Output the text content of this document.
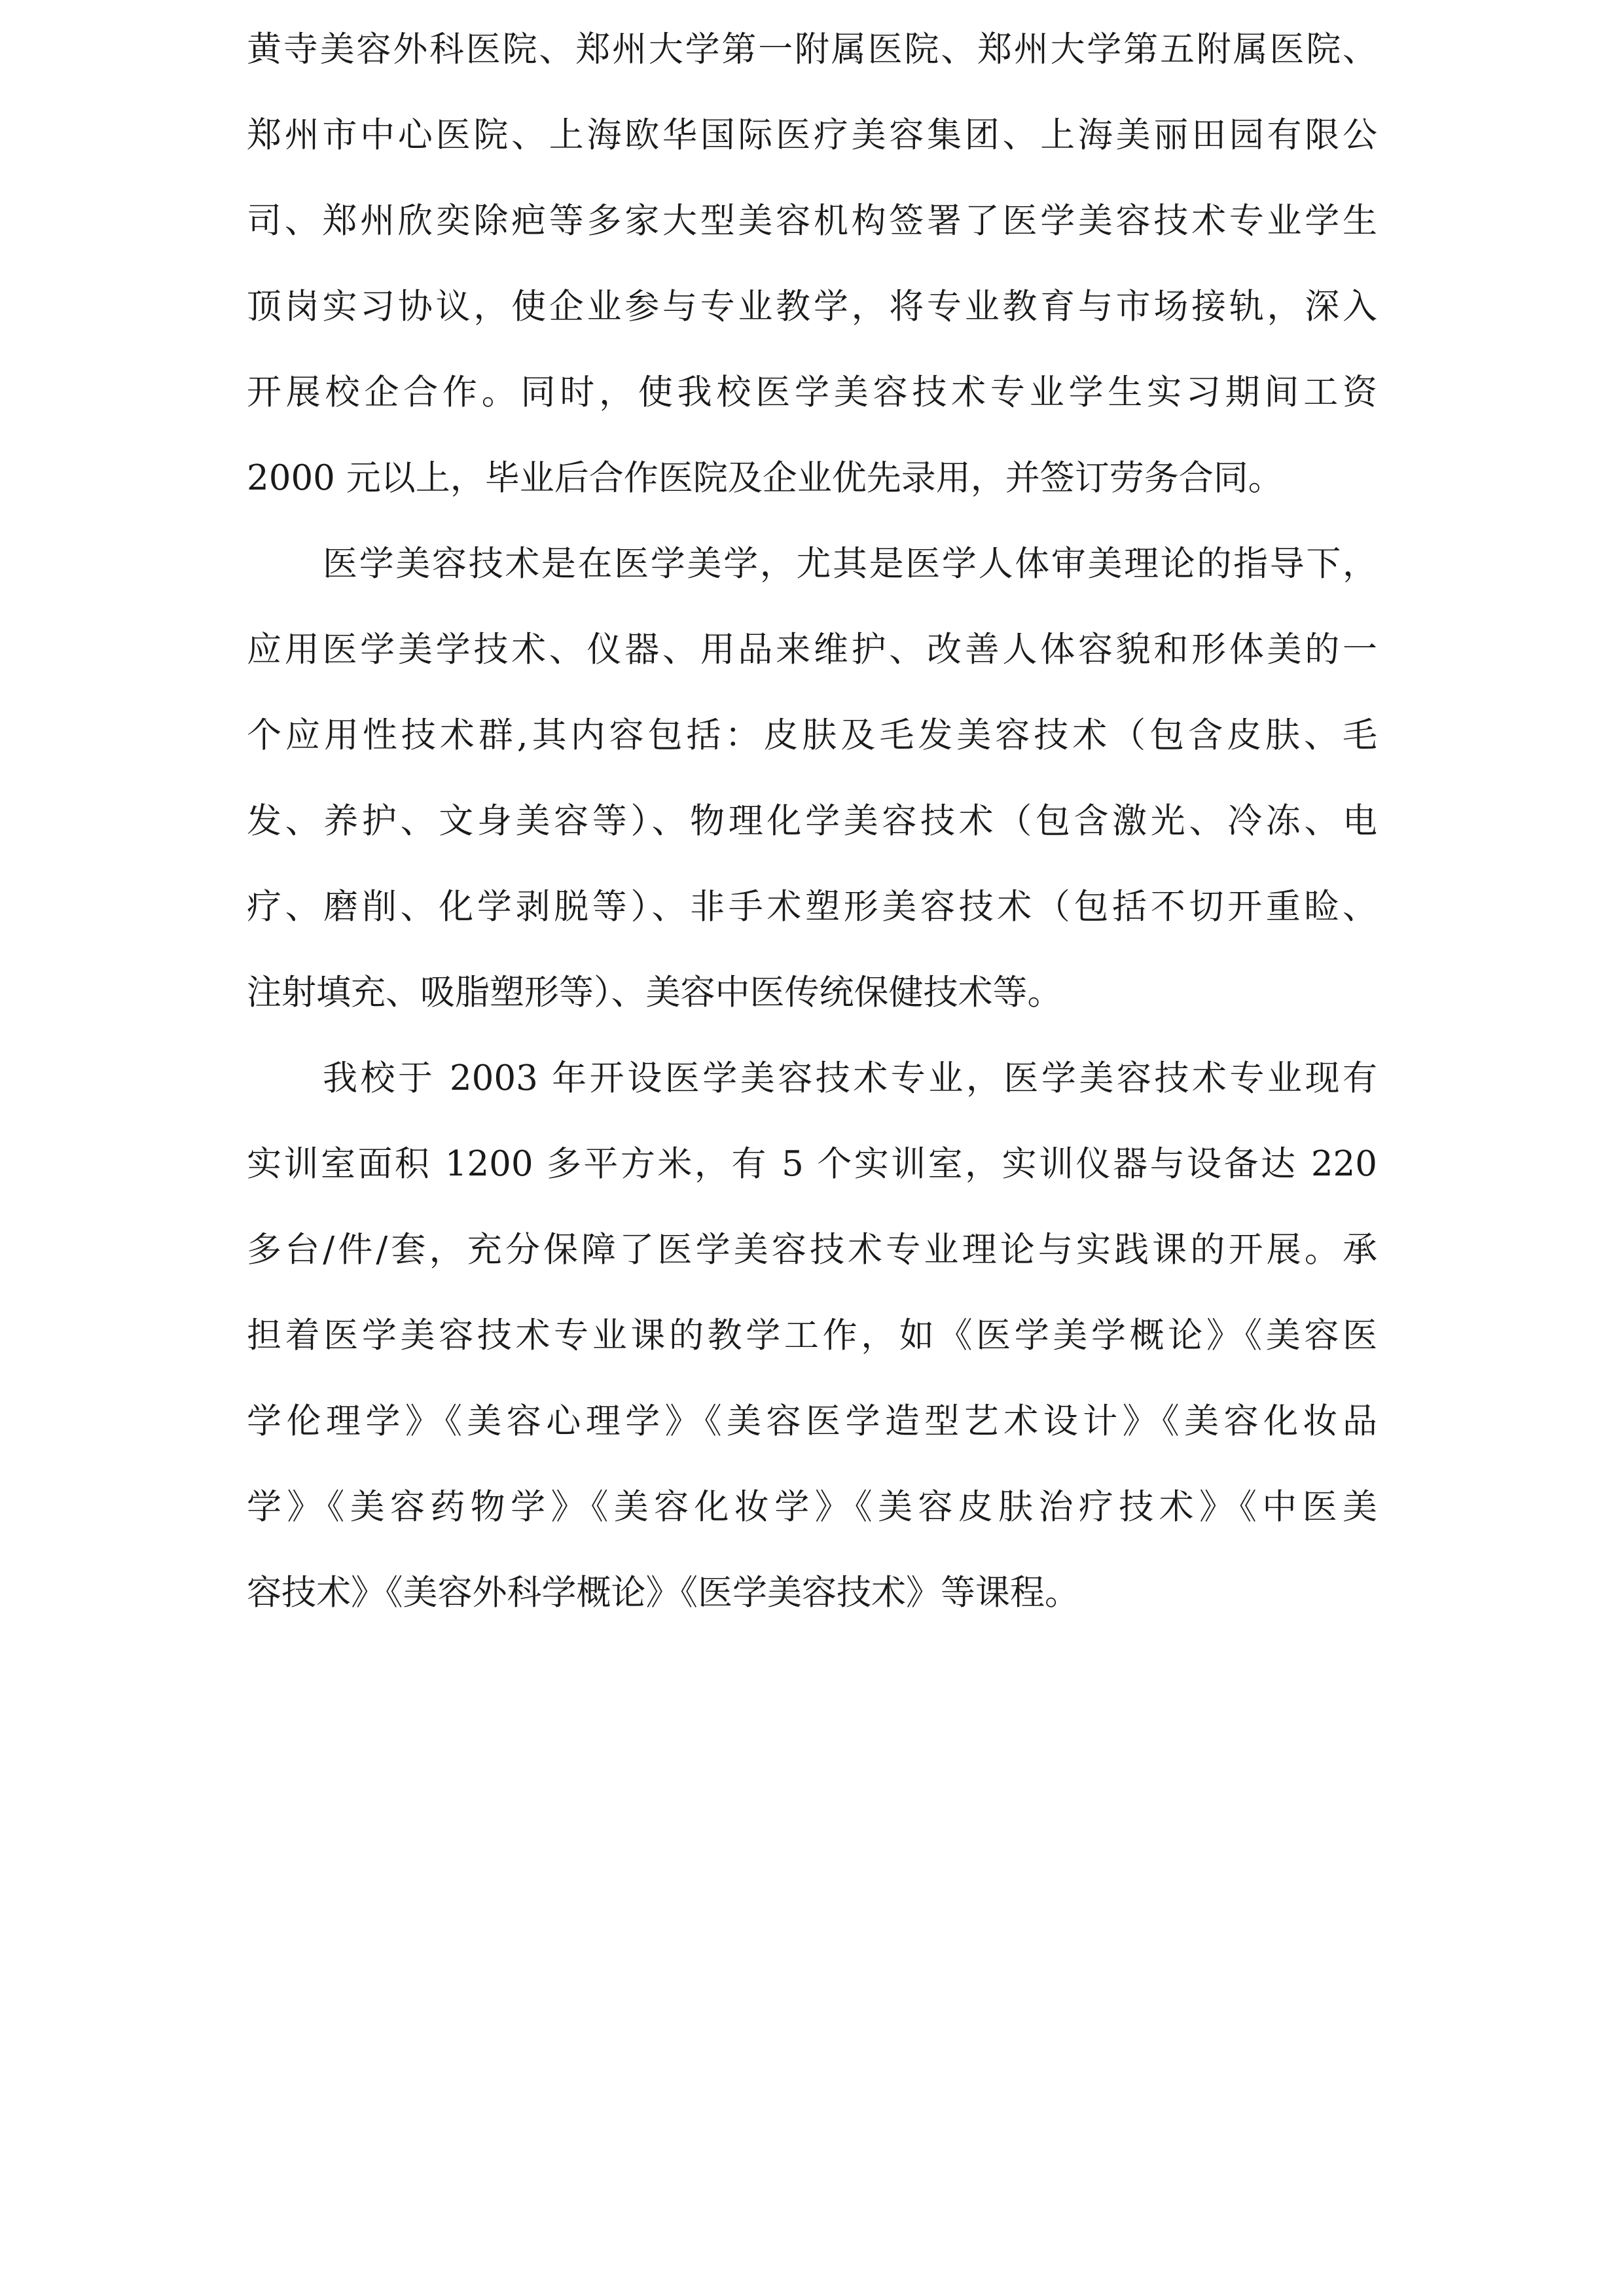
黄寺美容外科医院、郑州大学第一附属医院、郑州大学第五附属医院、
郑州市中心医院、上海欧华国际医疗美容集团、上海美丽田园有限公
司、郑州欣奕除疤等多家大型美容机构签署了医学美容技术专业学生
顶岗实习协议，使企业参与专业教学，将专业教育与市场接轨，深入
开展校企合作。同时，使我校医学美容技术专业学生实习期间工资
2000 元以上，毕业后合作医院及企业优先录用，并签订劳务合同。
医学美容技术是在医学美学，尤其是医学人体审美理论的指导下，
应用医学美学技术、仪器、用品来维护、改善人体容貌和形体美的一
个应用性技术群,其内容包括：皮肤及毛发美容技术（包含皮肤、毛
发、养护、文身美容等）、物理化学美容技术（包含激光、冷冻、电
疗、磨削、化学剥脱等）、非手术塑形美容技术（包括不切开重睑、
注射填充、吸脂塑形等）、美容中医传统保健技术等。
我校于 2003 年开设医学美容技术专业，医学美容技术专业现有
实训室面积 1200 多平方米，有 5 个实训室，实训仪器与设备达 220
多台/件/套，充分保障了医学美容技术专业理论与实践课的开展。承
担着医学美容技术专业课的教学工作，如《医学美学概论》《美容医
学伦理学》《美容心理学》《美容医学造型艺术设计》《美容化妆品
学》《美容药物学》《美容化妆学》《美容皮肤治疗技术》《中医美
容技术》《美容外科学概论》《医学美容技术》等课程。
